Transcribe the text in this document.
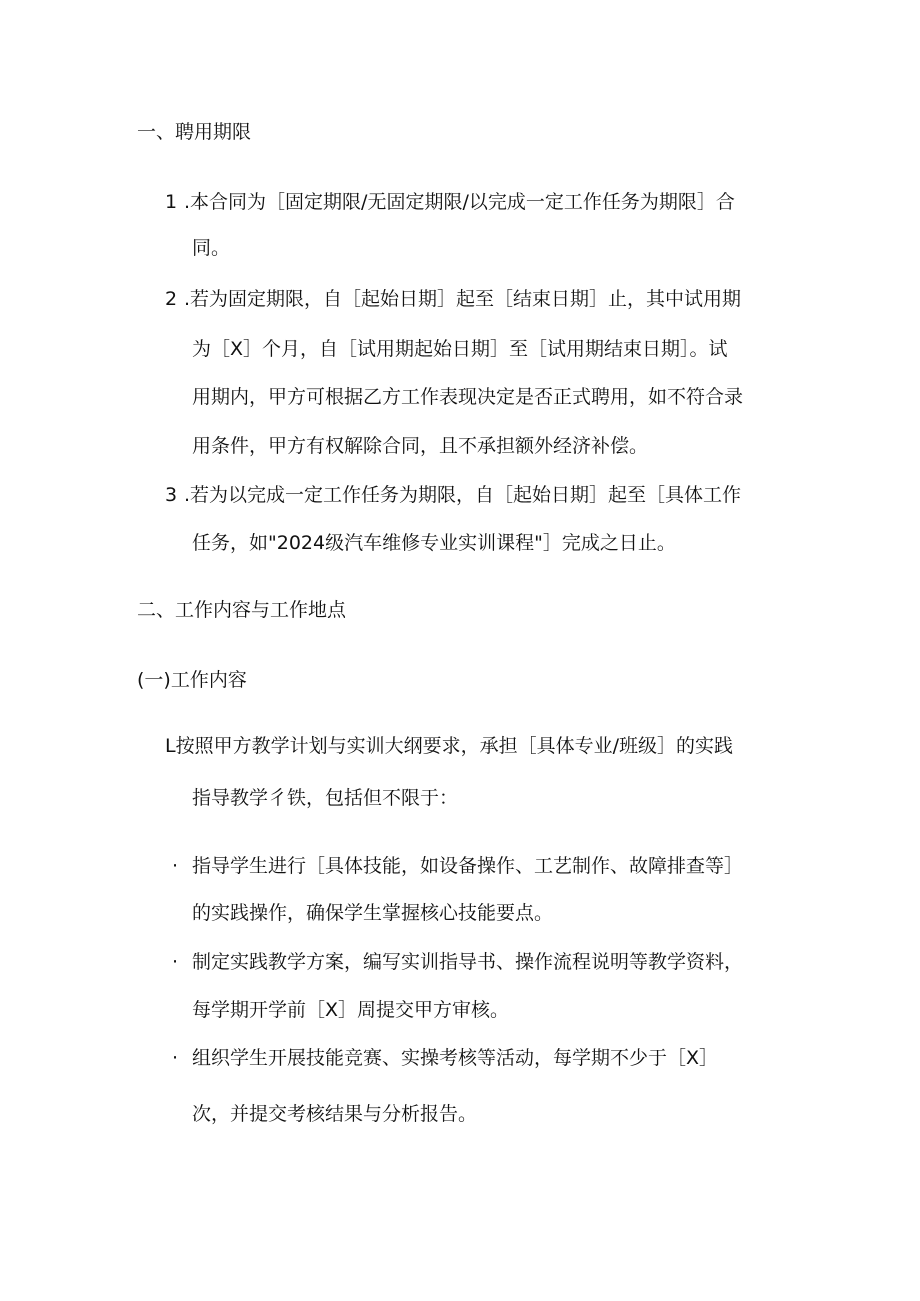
一、聘用期限
1 .本合同为［固定期限/无固定期限/以完成一定工作任务为期限］合
同。
2 .若为固定期限，自［起始日期］起至［结束日期］止，其中试用期
为［X］个月，自［试用期起始日期］至［试用期结束日期］。试
用期内，甲方可根据乙方工作表现决定是否正式聘用，如不符合录
用条件，甲方有权解除合同，且不承担额外经济补偿。
3 .若为以完成一定工作任务为期限，自［起始日期］起至［具体工作
任务，如"2024级汽车维修专业实训课程"］完成之日止。
二、工作内容与工作地点
(一)工作内容
L按照甲方教学计划与实训大纲要求，承担［具体专业/班级］的实践
指导教学彳铁，包括但不限于：
· 指导学生进行［具体技能，如设备操作、工艺制作、故障排查等］
的实践操作，确保学生掌握核心技能要点。
· 制定实践教学方案，编写实训指导书、操作流程说明等教学资料，
每学期开学前［X］周提交甲方审核。
· 组织学生开展技能竞赛、实操考核等活动，每学期不少于［X］
次，并提交考核结果与分析报告。
